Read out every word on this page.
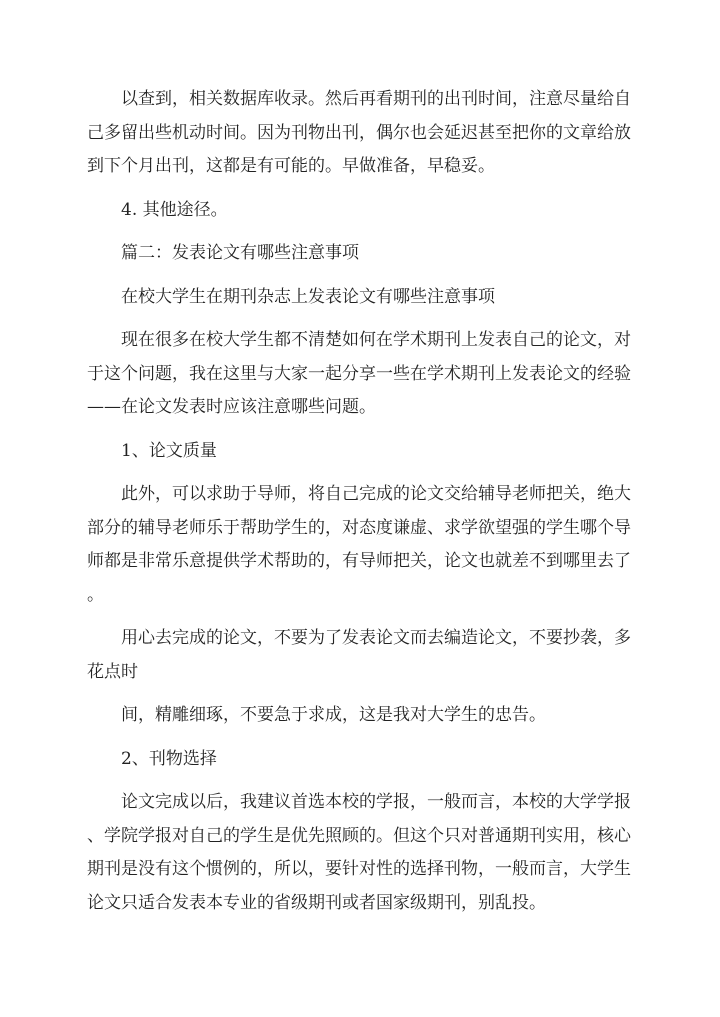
以查到，相关数据库收录。然后再看期刊的出刊时间，注意尽量给自
己多留出些机动时间。因为刊物出刊，偶尔也会延迟甚至把你的文章给放
到下个月出刊，这都是有可能的。早做准备，早稳妥。
4. 其他途径。
篇二：发表论文有哪些注意事项
在校大学生在期刊杂志上发表论文有哪些注意事项
现在很多在校大学生都不清楚如何在学术期刊上发表自己的论文，对
于这个问题，我在这里与大家一起分享一些在学术期刊上发表论文的经验
——在论文发表时应该注意哪些问题。
1、论文质量
此外，可以求助于导师，将自己完成的论文交给辅导老师把关，绝大
部分的辅导老师乐于帮助学生的，对态度谦虚、求学欲望强的学生哪个导
师都是非常乐意提供学术帮助的，有导师把关，论文也就差不到哪里去了
。
用心去完成的论文，不要为了发表论文而去编造论文，不要抄袭，多
花点时
间，精雕细琢，不要急于求成，这是我对大学生的忠告。
2、刊物选择
论文完成以后，我建议首选本校的学报，一般而言，本校的大学学报
、学院学报对自己的学生是优先照顾的。但这个只对普通期刊实用，核心
期刊是没有这个惯例的，所以，要针对性的选择刊物，一般而言，大学生
论文只适合发表本专业的省级期刊或者国家级期刊，别乱投。
